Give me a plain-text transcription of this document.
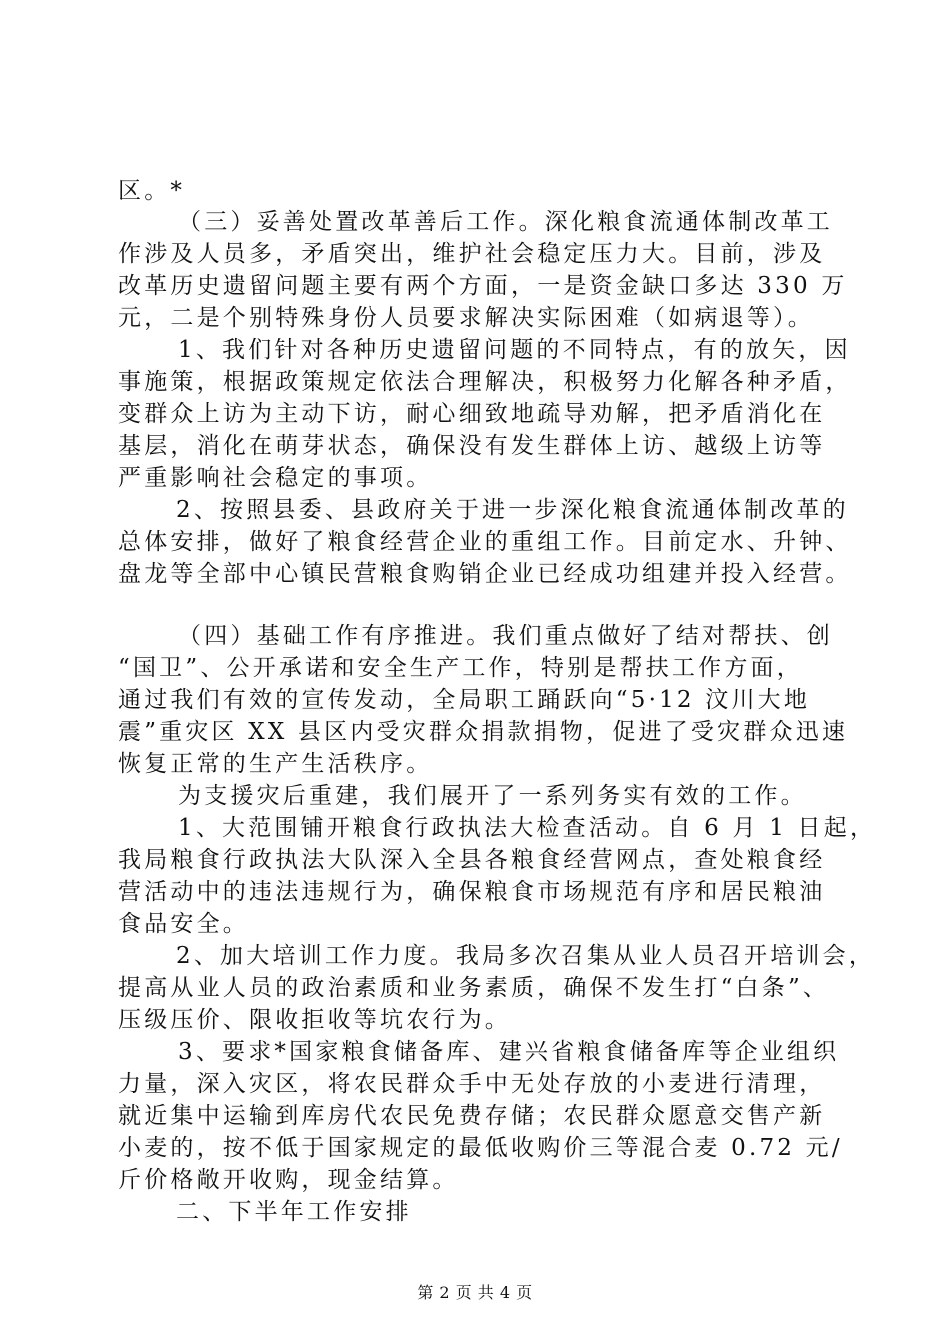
区。*
（三）妥善处置改革善后工作。深化粮食流通体制改革工
作涉及人员多，矛盾突出，维护社会稳定压力大。目前，涉及
改革历史遗留问题主要有两个方面，一是资金缺口多达 330 万
元，二是个别特殊身份人员要求解决实际困难（如病退等）。
1、我们针对各种历史遗留问题的不同特点，有的放矢，因
事施策，根据政策规定依法合理解决，积极努力化解各种矛盾，
变群众上访为主动下访，耐心细致地疏导劝解，把矛盾消化在
基层，消化在萌芽状态，确保没有发生群体上访、越级上访等
严重影响社会稳定的事项。
2、按照县委、县政府关于进一步深化粮食流通体制改革的
总体安排，做好了粮食经营企业的重组工作。目前定水、升钟、
盘龙等全部中心镇民营粮食购销企业已经成功组建并投入经营。
（四）基础工作有序推进。我们重点做好了结对帮扶、创
“国卫”、公开承诺和安全生产工作，特别是帮扶工作方面，
通过我们有效的宣传发动，全局职工踊跃向“5·12 汶川大地
震”重灾区 XX 县区内受灾群众捐款捐物，促进了受灾群众迅速
恢复正常的生产生活秩序。
为支援灾后重建，我们展开了一系列务实有效的工作。
1、大范围铺开粮食行政执法大检查活动。自 6 月 1 日起，
我局粮食行政执法大队深入全县各粮食经营网点，查处粮食经
营活动中的违法违规行为，确保粮食市场规范有序和居民粮油
食品安全。
2、加大培训工作力度。我局多次召集从业人员召开培训会，
提高从业人员的政治素质和业务素质，确保不发生打“白条”、
压级压价、限收拒收等坑农行为。
3、要求*国家粮食储备库、建兴省粮食储备库等企业组织
力量，深入灾区，将农民群众手中无处存放的小麦进行清理，
就近集中运输到库房代农民免费存储；农民群众愿意交售产新
小麦的，按不低于国家规定的最低收购价三等混合麦 0.72 元/
斤价格敞开收购，现金结算。
二、下半年工作安排
第 2 页 共 4 页
